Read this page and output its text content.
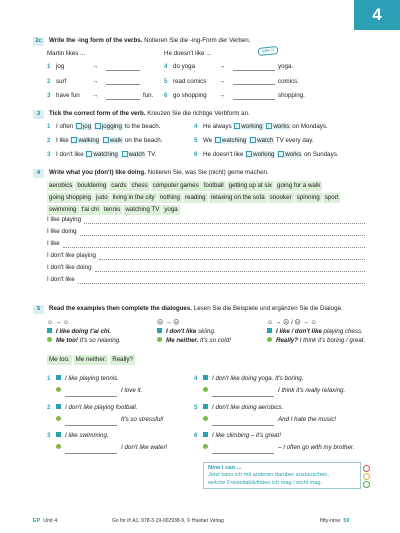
4
2c Write the -ing form of the verbs. Notieren Sie die -ing-Form der Verben.
Martin likes ...	He doesn't like ...	see it
1 jog	→
2 surf	→
3 have fun →	fun.
4 do yoga	→	yoga.
5 read comics →	comics.
6 go shopping →	shopping.
3 Tick the correct form of the verb. Kreuzen Sie die richtige Verbform an.
1 I often jog jogging to the beach.
2 I like walking walk on the beach.
3 I don't like watching watch TV.
4 He always working works on Mondays.
5 We watching watch TV every day.
6 He doesn't like working works on Sundays.
4 Write what you (don't) like doing. Notieren Sie, was Sie (nicht) gerne machen.
aerobics bouldering cards chess computer games football getting up at six going for a walkgoing shopping judo living in the city nothing reading relaxing on the sofa snooker spinning sportswimming t'ai chi tennis watching TV yoga
I like playing
I like doing
I like
I don't like playing
I don't like doing
I don't like
5 Read the examples then complete the dialogues. Lesen Sie die Beispiele und ergänzen Sie die Dialoge.
☺ → ☺
I like doing t'ai chi.
Me too! It's so relaxing.
☹ → ☹
I don't like skiing.
Me neither. It's so cold!
☺ → ☹ / ☹ → ☺
I like / don't like playing chess.
Really? I think it's boring / great.
Me too. Me neither. Really?
1 I like playing tennis.
I love it.
2 I don't like playing football.
It's so stressful!
3 I like swimming.
I don't like water!
4 I don't like doing yoga. It's boring.
I think it's really relaxing.
5 I don't like doing aerobics.
And I hate the music!
6 I like climbing – it's great!
– I often go with my brother.
Now I can ...
Jetzt kann ich mit anderen darüber austauschen,
welche Freizeitaktivitäten ich mag / nicht mag.
EP Unit 4	Go for it! A1, 978-3-19-002938-9, © Hueber Verlag	fifty-nine 59
